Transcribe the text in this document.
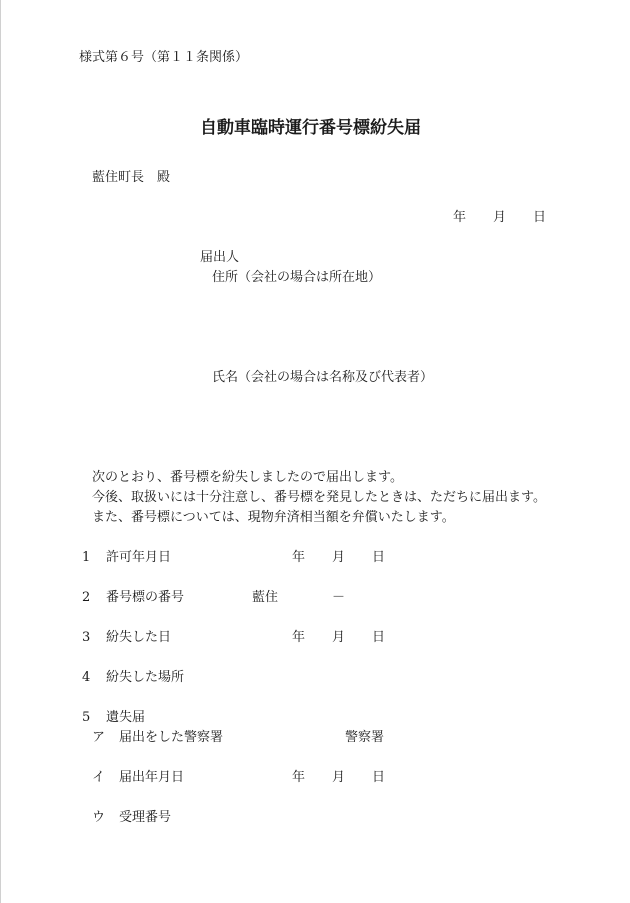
様式第６号（第１１条関係）
自動車臨時運行番号標紛失届
藍住町長　殿
年 月 日
届出人
住所（会社の場合は所在地）
氏名（会社の場合は名称及び代表者）
次のとおり、番号標を紛失しましたので届出します。
今後、取扱いには十分注意し、番号標を発見したときは、ただちに届出ます。
また、番号標については、現物弁済相当額を弁償いたします。
1 許可年月日	年 月 日
2 番号標の番号	藍住	－
3 紛失した日	年 月 日
4 紛失した場所
5 遺失届
ア 届出をした警察署	警察署
イ 届出年月日	年 月 日
ウ 受理番号
